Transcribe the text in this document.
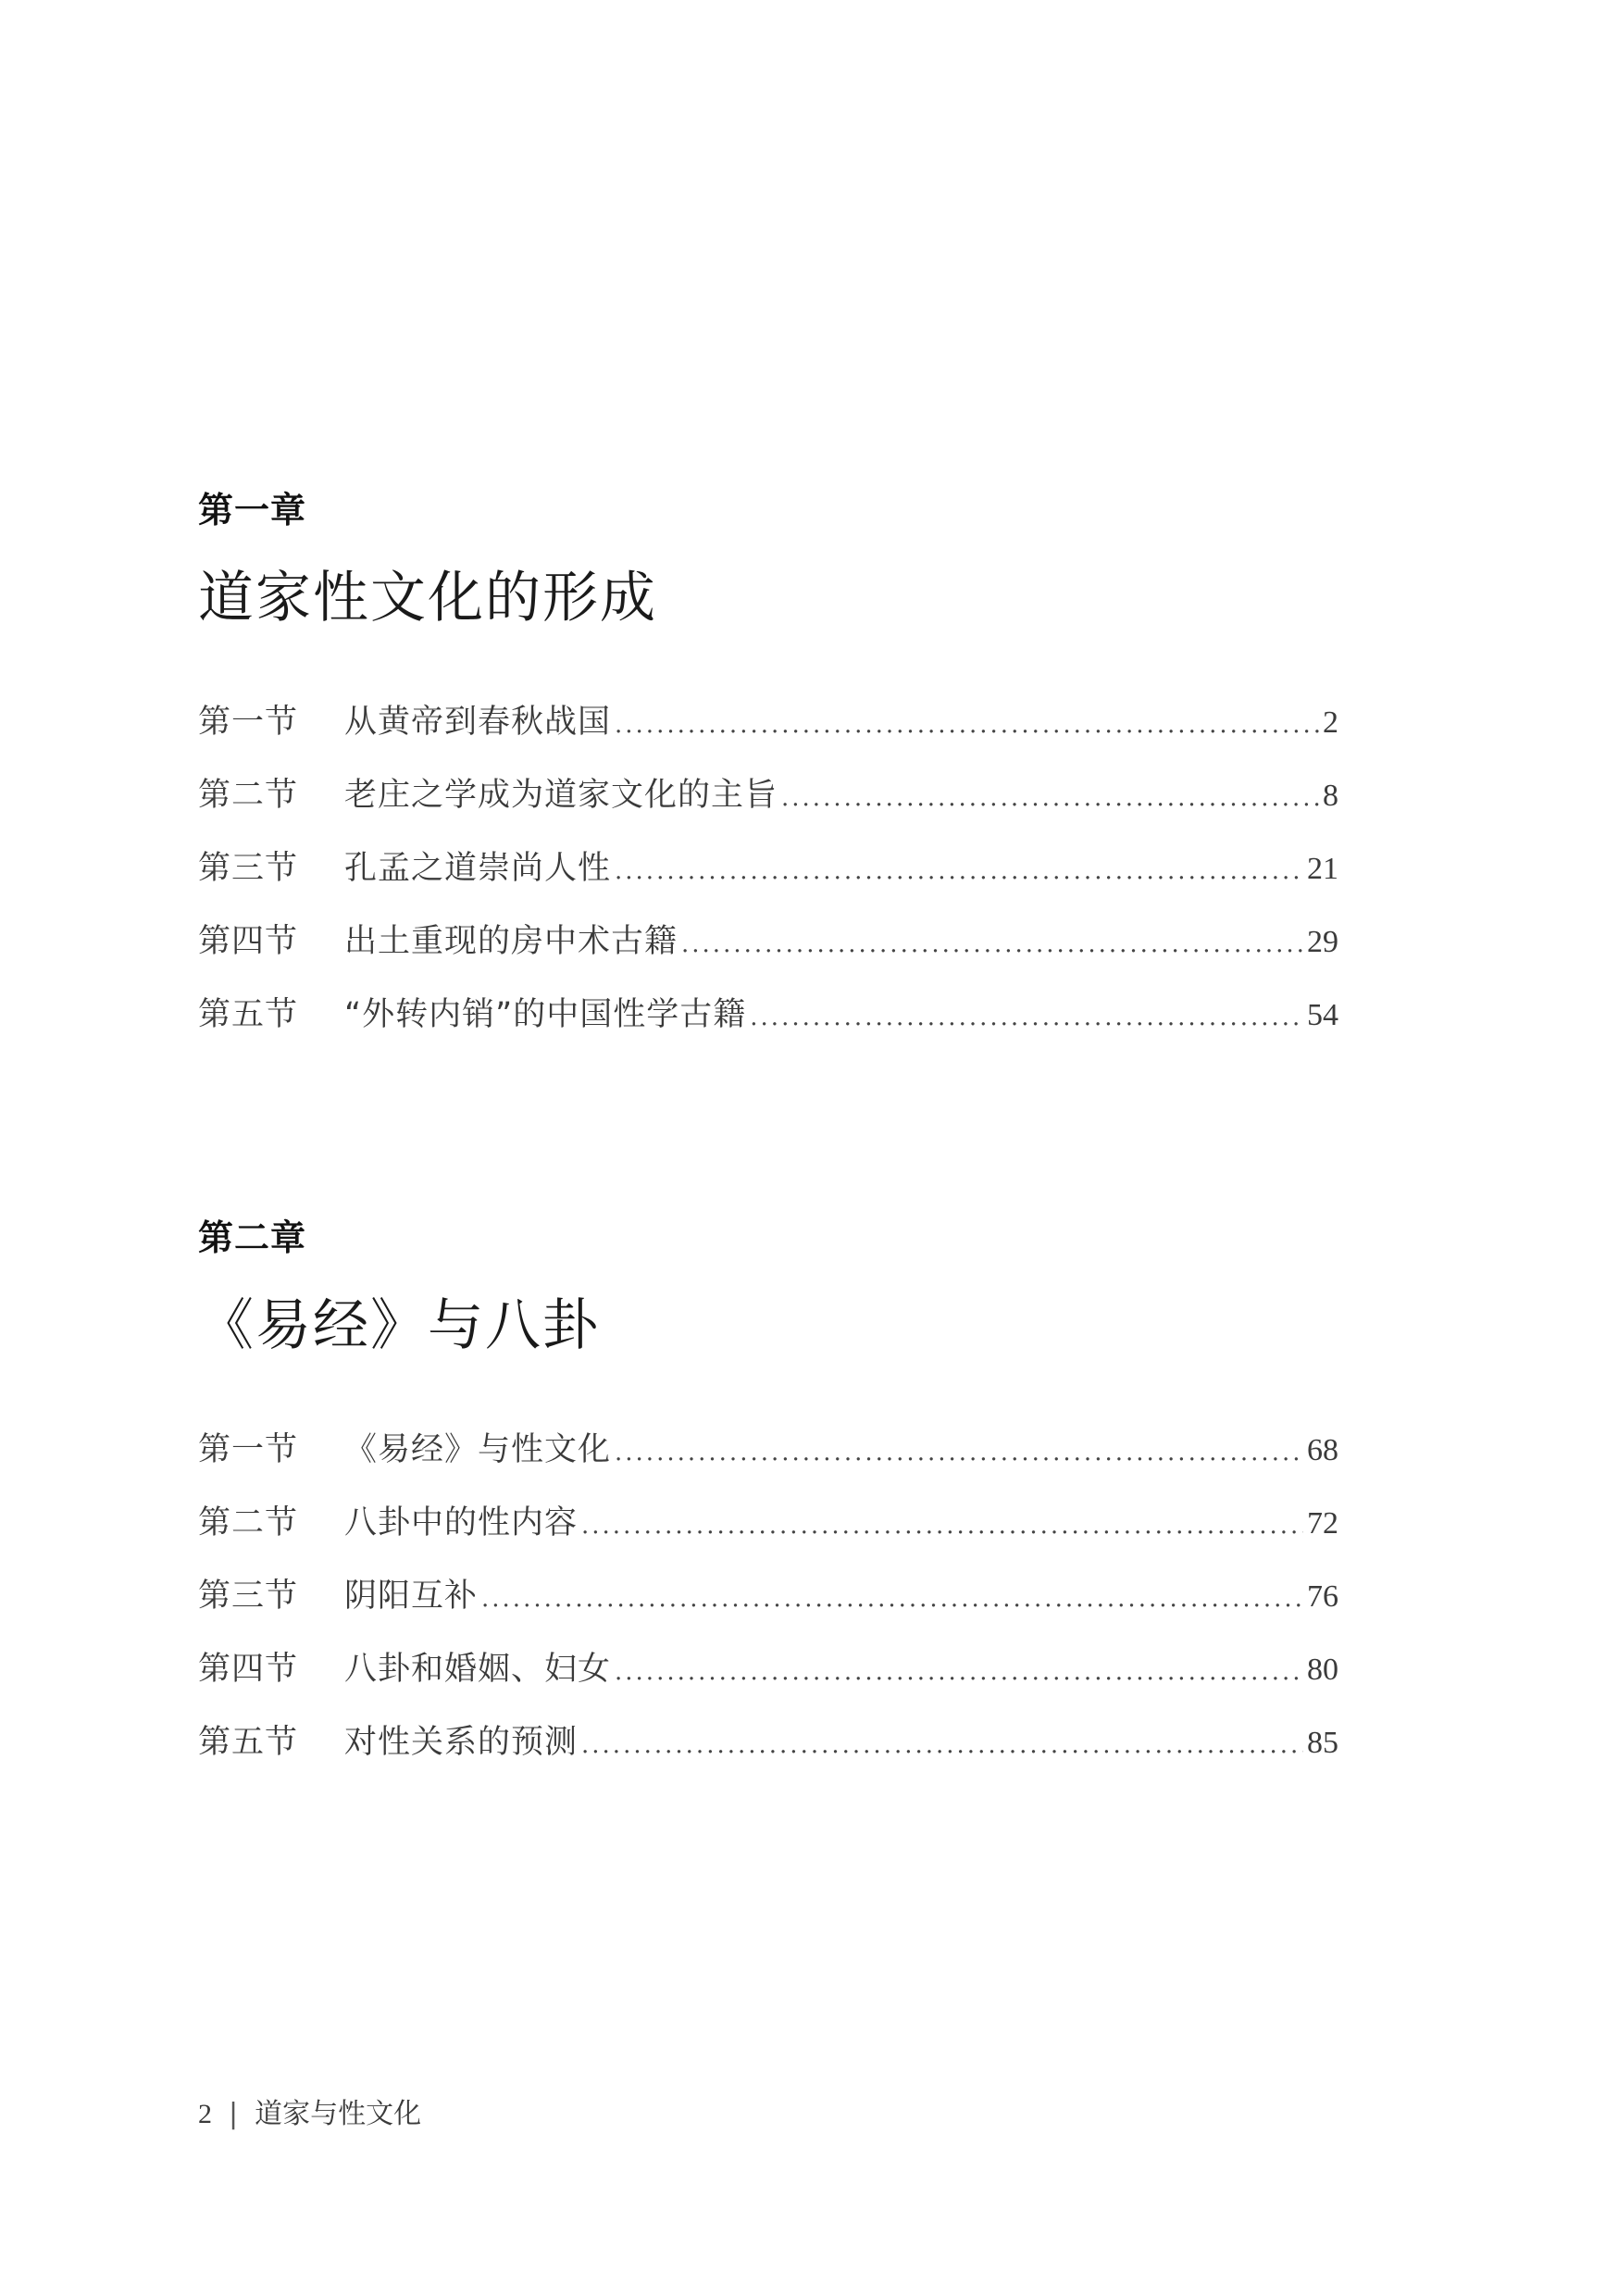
第一章
道家性文化的形成
第一节	从黄帝到春秋战国 .....	2
第二节	老庄之学成为道家文化的主旨 .....	8
第三节	孔孟之道崇尚人性 .....	21
第四节	出土重现的房中术古籍 .....	29
第五节	“外转内销”的中国性学古籍 .....	54
第二章
《易经》与八卦
第一节	《易经》与性文化 .....	68
第二节	八卦中的性内容 .....	72
第三节	阴阳互补 .....	76
第四节	八卦和婚姻、妇女 .....	80
第五节	对性关系的预测 .....	85
2 | 道家与性文化
